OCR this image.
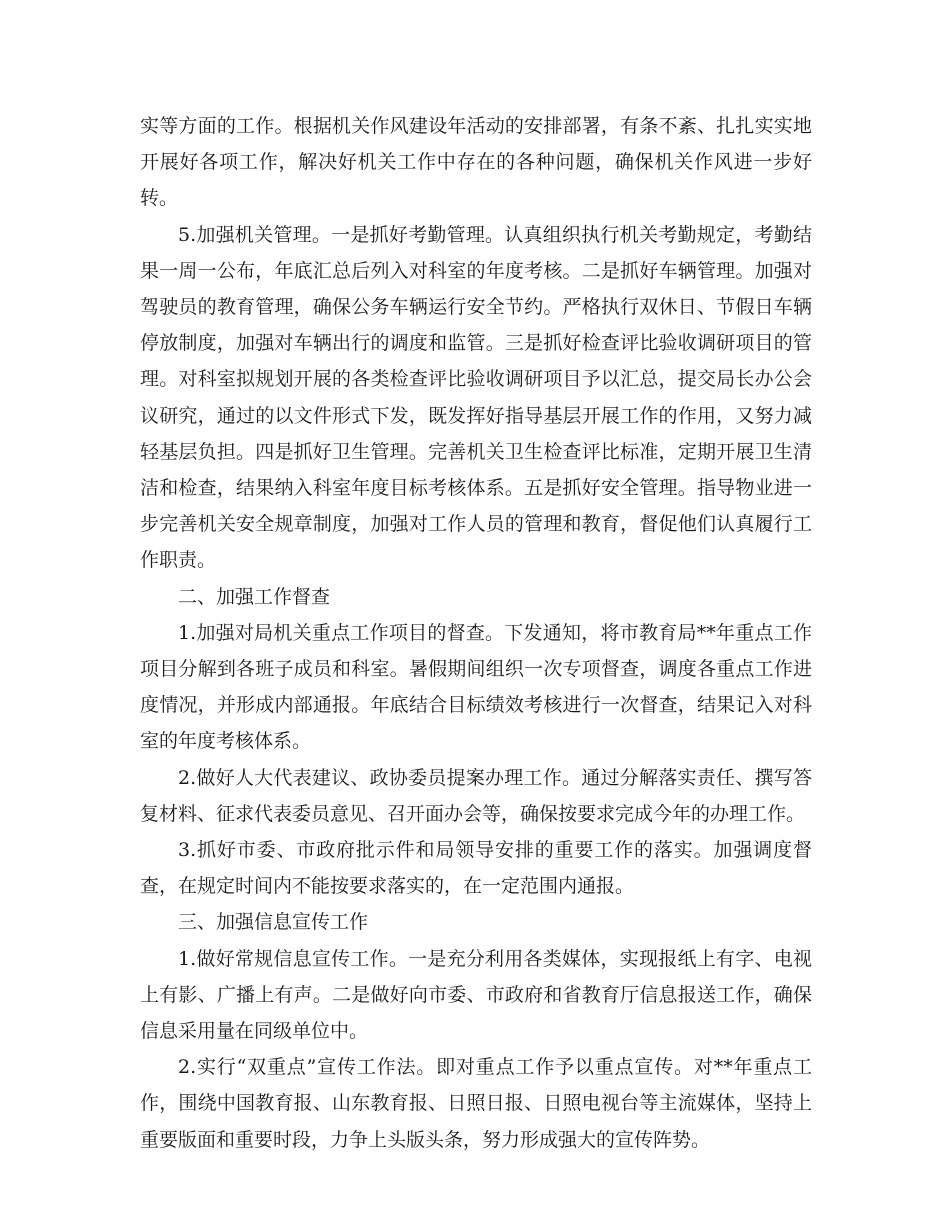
实等方面的工作。根据机关作风建设年活动的安排部署，有条不紊、扎扎实实地开展好各项工作，解决好机关工作中存在的各种问题，确保机关作风进一步好转。

5.加强机关管理。一是抓好考勤管理。认真组织执行机关考勤规定，考勤结果一周一公布，年底汇总后列入对科室的年度考核。二是抓好车辆管理。加强对驾驶员的教育管理，确保公务车辆运行安全节约。严格执行双休日、节假日车辆停放制度，加强对车辆出行的调度和监管。三是抓好检查评比验收调研项目的管理。对科室拟规划开展的各类检查评比验收调研项目予以汇总，提交局长办公会议研究，通过的以文件形式下发，既发挥好指导基层开展工作的作用，又努力减轻基层负担。四是抓好卫生管理。完善机关卫生检查评比标准，定期开展卫生清洁和检查，结果纳入科室年度目标考核体系。五是抓好安全管理。指导物业进一步完善机关安全规章制度，加强对工作人员的管理和教育，督促他们认真履行工作职责。

二、加强工作督查

1.加强对局机关重点工作项目的督查。下发通知，将市教育局**年重点工作项目分解到各班子成员和科室。暑假期间组织一次专项督查，调度各重点工作进度情况，并形成内部通报。年底结合目标绩效考核进行一次督查，结果记入对科室的年度考核体系。

2.做好人大代表建议、政协委员提案办理工作。通过分解落实责任、撰写答复材料、征求代表委员意见、召开面办会等，确保按要求完成今年的办理工作。

3.抓好市委、市政府批示件和局领导安排的重要工作的落实。加强调度督查，在规定时间内不能按要求落实的，在一定范围内通报。

三、加强信息宣传工作

1.做好常规信息宣传工作。一是充分利用各类媒体，实现报纸上有字、电视上有影、广播上有声。二是做好向市委、市政府和省教育厅信息报送工作，确保信息采用量在同级单位中。

2.实行“双重点”宣传工作法。即对重点工作予以重点宣传。对**年重点工作，围绕中国教育报、山东教育报、日照日报、日照电视台等主流媒体，坚持上重要版面和重要时段，力争上头版头条，努力形成强大的宣传阵势。
